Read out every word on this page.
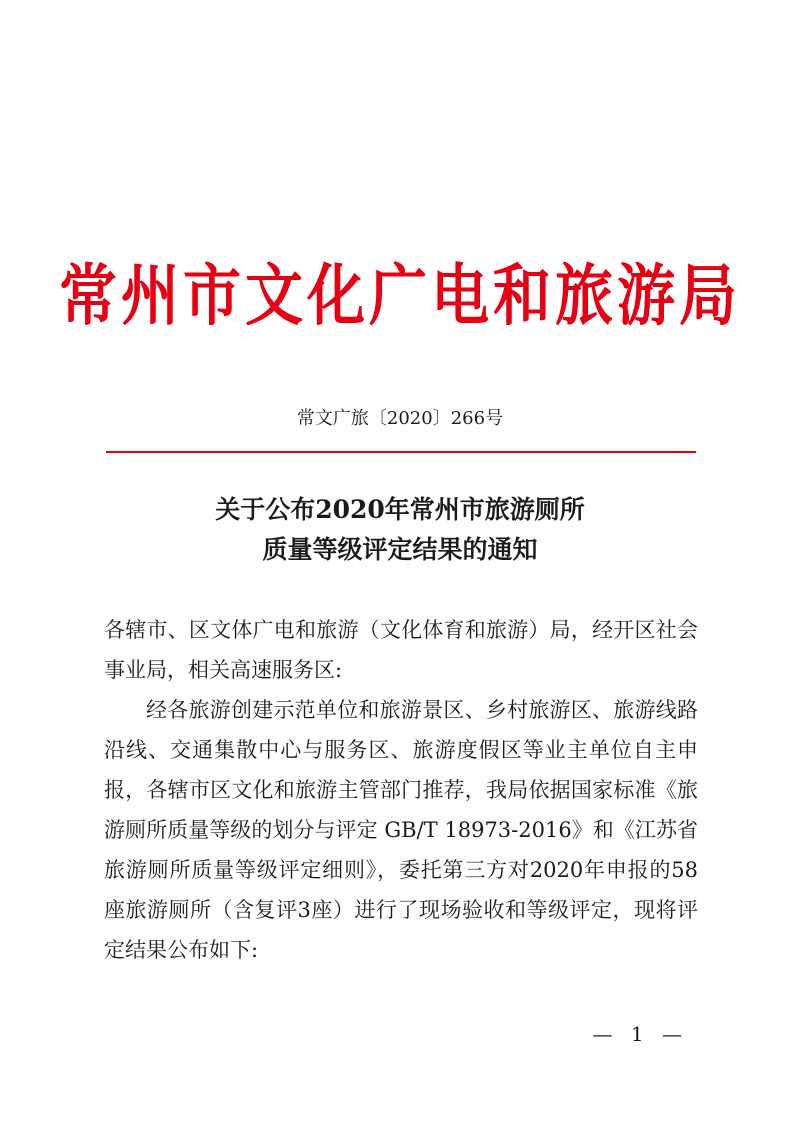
常州市文化广电和旅游局
常文广旅〔2020〕266号
关于公布2020年常州市旅游厕所
质量等级评定结果的通知

各辖市、区文体广电和旅游（文化体育和旅游）局，经开区社会事业局，相关高速服务区:

经各旅游创建示范单位和旅游景区、乡村旅游区、旅游线路沿线、交通集散中心与服务区、旅游度假区等业主单位自主申报，各辖市区文化和旅游主管部门推荐，我局依据国家标准《旅游厕所质量等级的划分与评定 GB/T 18973-2016》和《江苏省旅游厕所质量等级评定细则》，委托第三方对2020年申报的58座旅游厕所（含复评3座）进行了现场验收和等级评定，现将评定结果公布如下:

— 1 —
